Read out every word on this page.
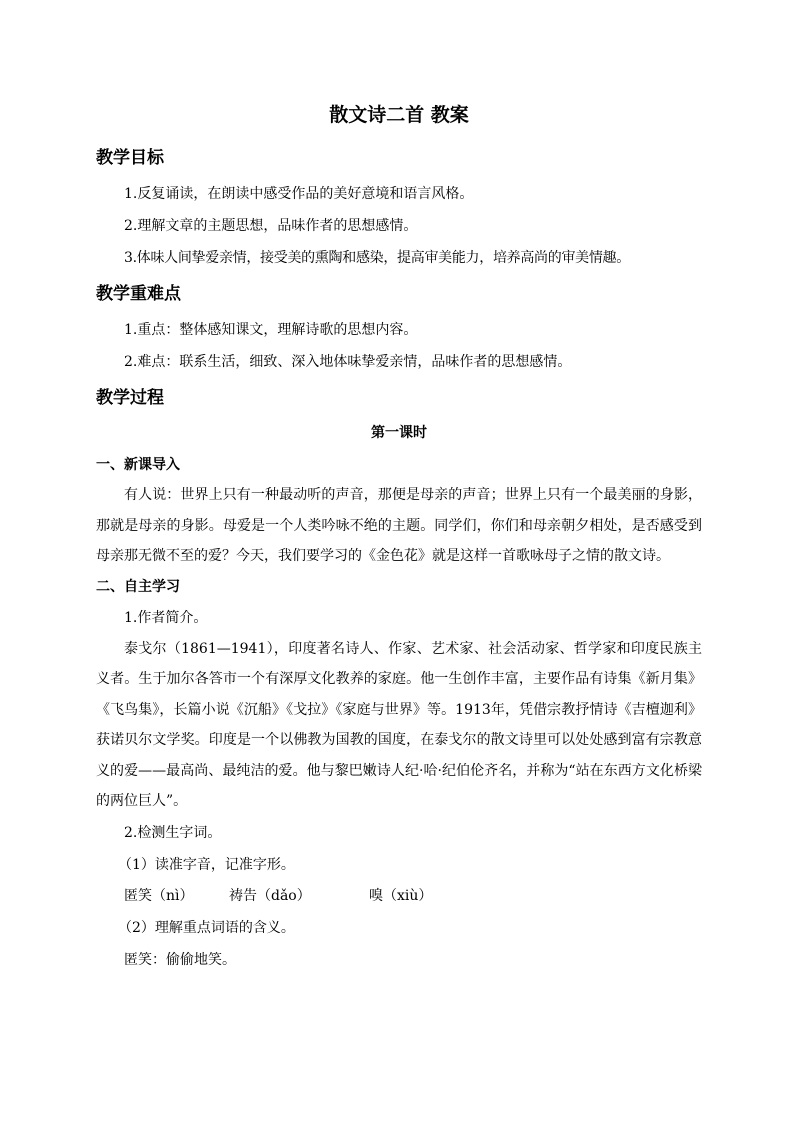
散文诗二首 教案
教学目标

1.反复诵读，在朗读中感受作品的美好意境和语言风格。

2.理解文章的主题思想，品味作者的思想感情。

3.体味人间挚爱亲情，接受美的熏陶和感染，提高审美能力，培养高尚的审美情趣。

教学重难点

1.重点：整体感知课文，理解诗歌的思想内容。

2.难点：联系生活，细致、深入地体味挚爱亲情，品味作者的思想感情。

教学过程
第一课时
一、新课导入

有人说：世界上只有一种最动听的声音，那便是母亲的声音；世界上只有一个最美丽的身影，那就是母亲的身影。母爱是一个人类吟咏不绝的主题。同学们，你们和母亲朝夕相处，是否感受到母亲那无微不至的爱？今天，我们要学习的《金色花》就是这样一首歌咏母子之情的散文诗。

二、自主学习

1.作者简介。

泰戈尔（1861—1941），印度著名诗人、作家、艺术家、社会活动家、哲学家和印度民族主义者。生于加尔各答市一个有深厚文化教养的家庭。他一生创作丰富，主要作品有诗集《新月集》《飞鸟集》，长篇小说《沉船》《戈拉》《家庭与世界》等。1913年，凭借宗教抒情诗《吉檀迦利》获诺贝尔文学奖。印度是一个以佛教为国教的国度，在泰戈尔的散文诗里可以处处感到富有宗教意义的爱——最高尚、最纯洁的爱。他与黎巴嫩诗人纪·哈·纪伯伦齐名，并称为“站在东西方文化桥梁的两位巨人”。

2.检测生字词。

（1）读准字音，记准字形。

匿笑（nì）	祷告（dǎo）	嗅（xiù）

（2）理解重点词语的含义。

匿笑：偷偷地笑。
